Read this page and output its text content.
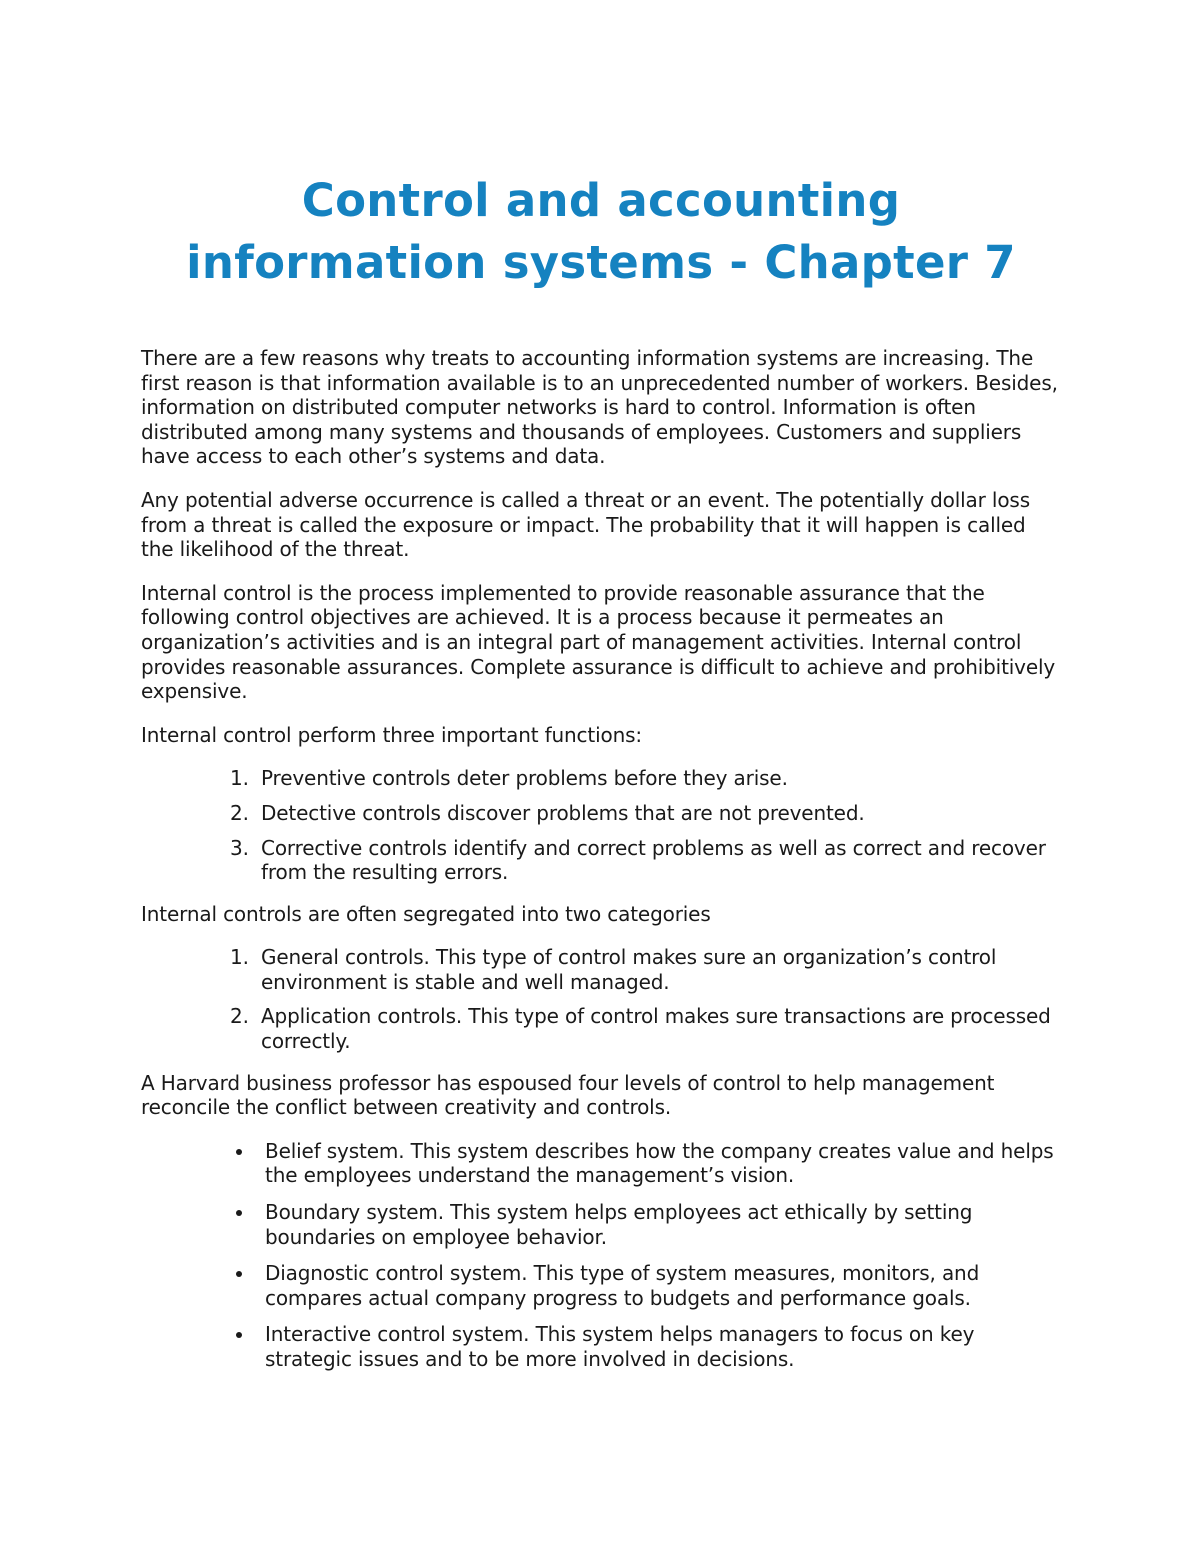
Control and accounting
information systems - Chapter 7

There are a few reasons why treats to accounting information systems are increasing. The first reason is that information available is to an unprecedented number of workers. Besides, information on distributed computer networks is hard to control. Information is often distributed among many systems and thousands of employees. Customers and suppliers have access to each other’s systems and data.

Any potential adverse occurrence is called a threat or an event. The potentially dollar loss from a threat is called the exposure or impact. The probability that it will happen is called the likelihood of the threat.

Internal control is the process implemented to provide reasonable assurance that the following control objectives are achieved. It is a process because it permeates an organization’s activities and is an integral part of management activities. Internal control provides reasonable assurances. Complete assurance is difficult to achieve and prohibitively expensive.

Internal control perform three important functions:

1. Preventive controls deter problems before they arise.
2. Detective controls discover problems that are not prevented.
3. Corrective controls identify and correct problems as well as correct and recover from the resulting errors.

Internal controls are often segregated into two categories

1. General controls. This type of control makes sure an organization’s control environment is stable and well managed.
2. Application controls. This type of control makes sure transactions are processed correctly.

A Harvard business professor has espoused four levels of control to help management reconcile the conflict between creativity and controls.

• Belief system. This system describes how the company creates value and helps the employees understand the management’s vision.
• Boundary system. This system helps employees act ethically by setting boundaries on employee behavior.
• Diagnostic control system. This type of system measures, monitors, and compares actual company progress to budgets and performance goals.
• Interactive control system. This system helps managers to focus on key strategic issues and to be more involved in decisions.
